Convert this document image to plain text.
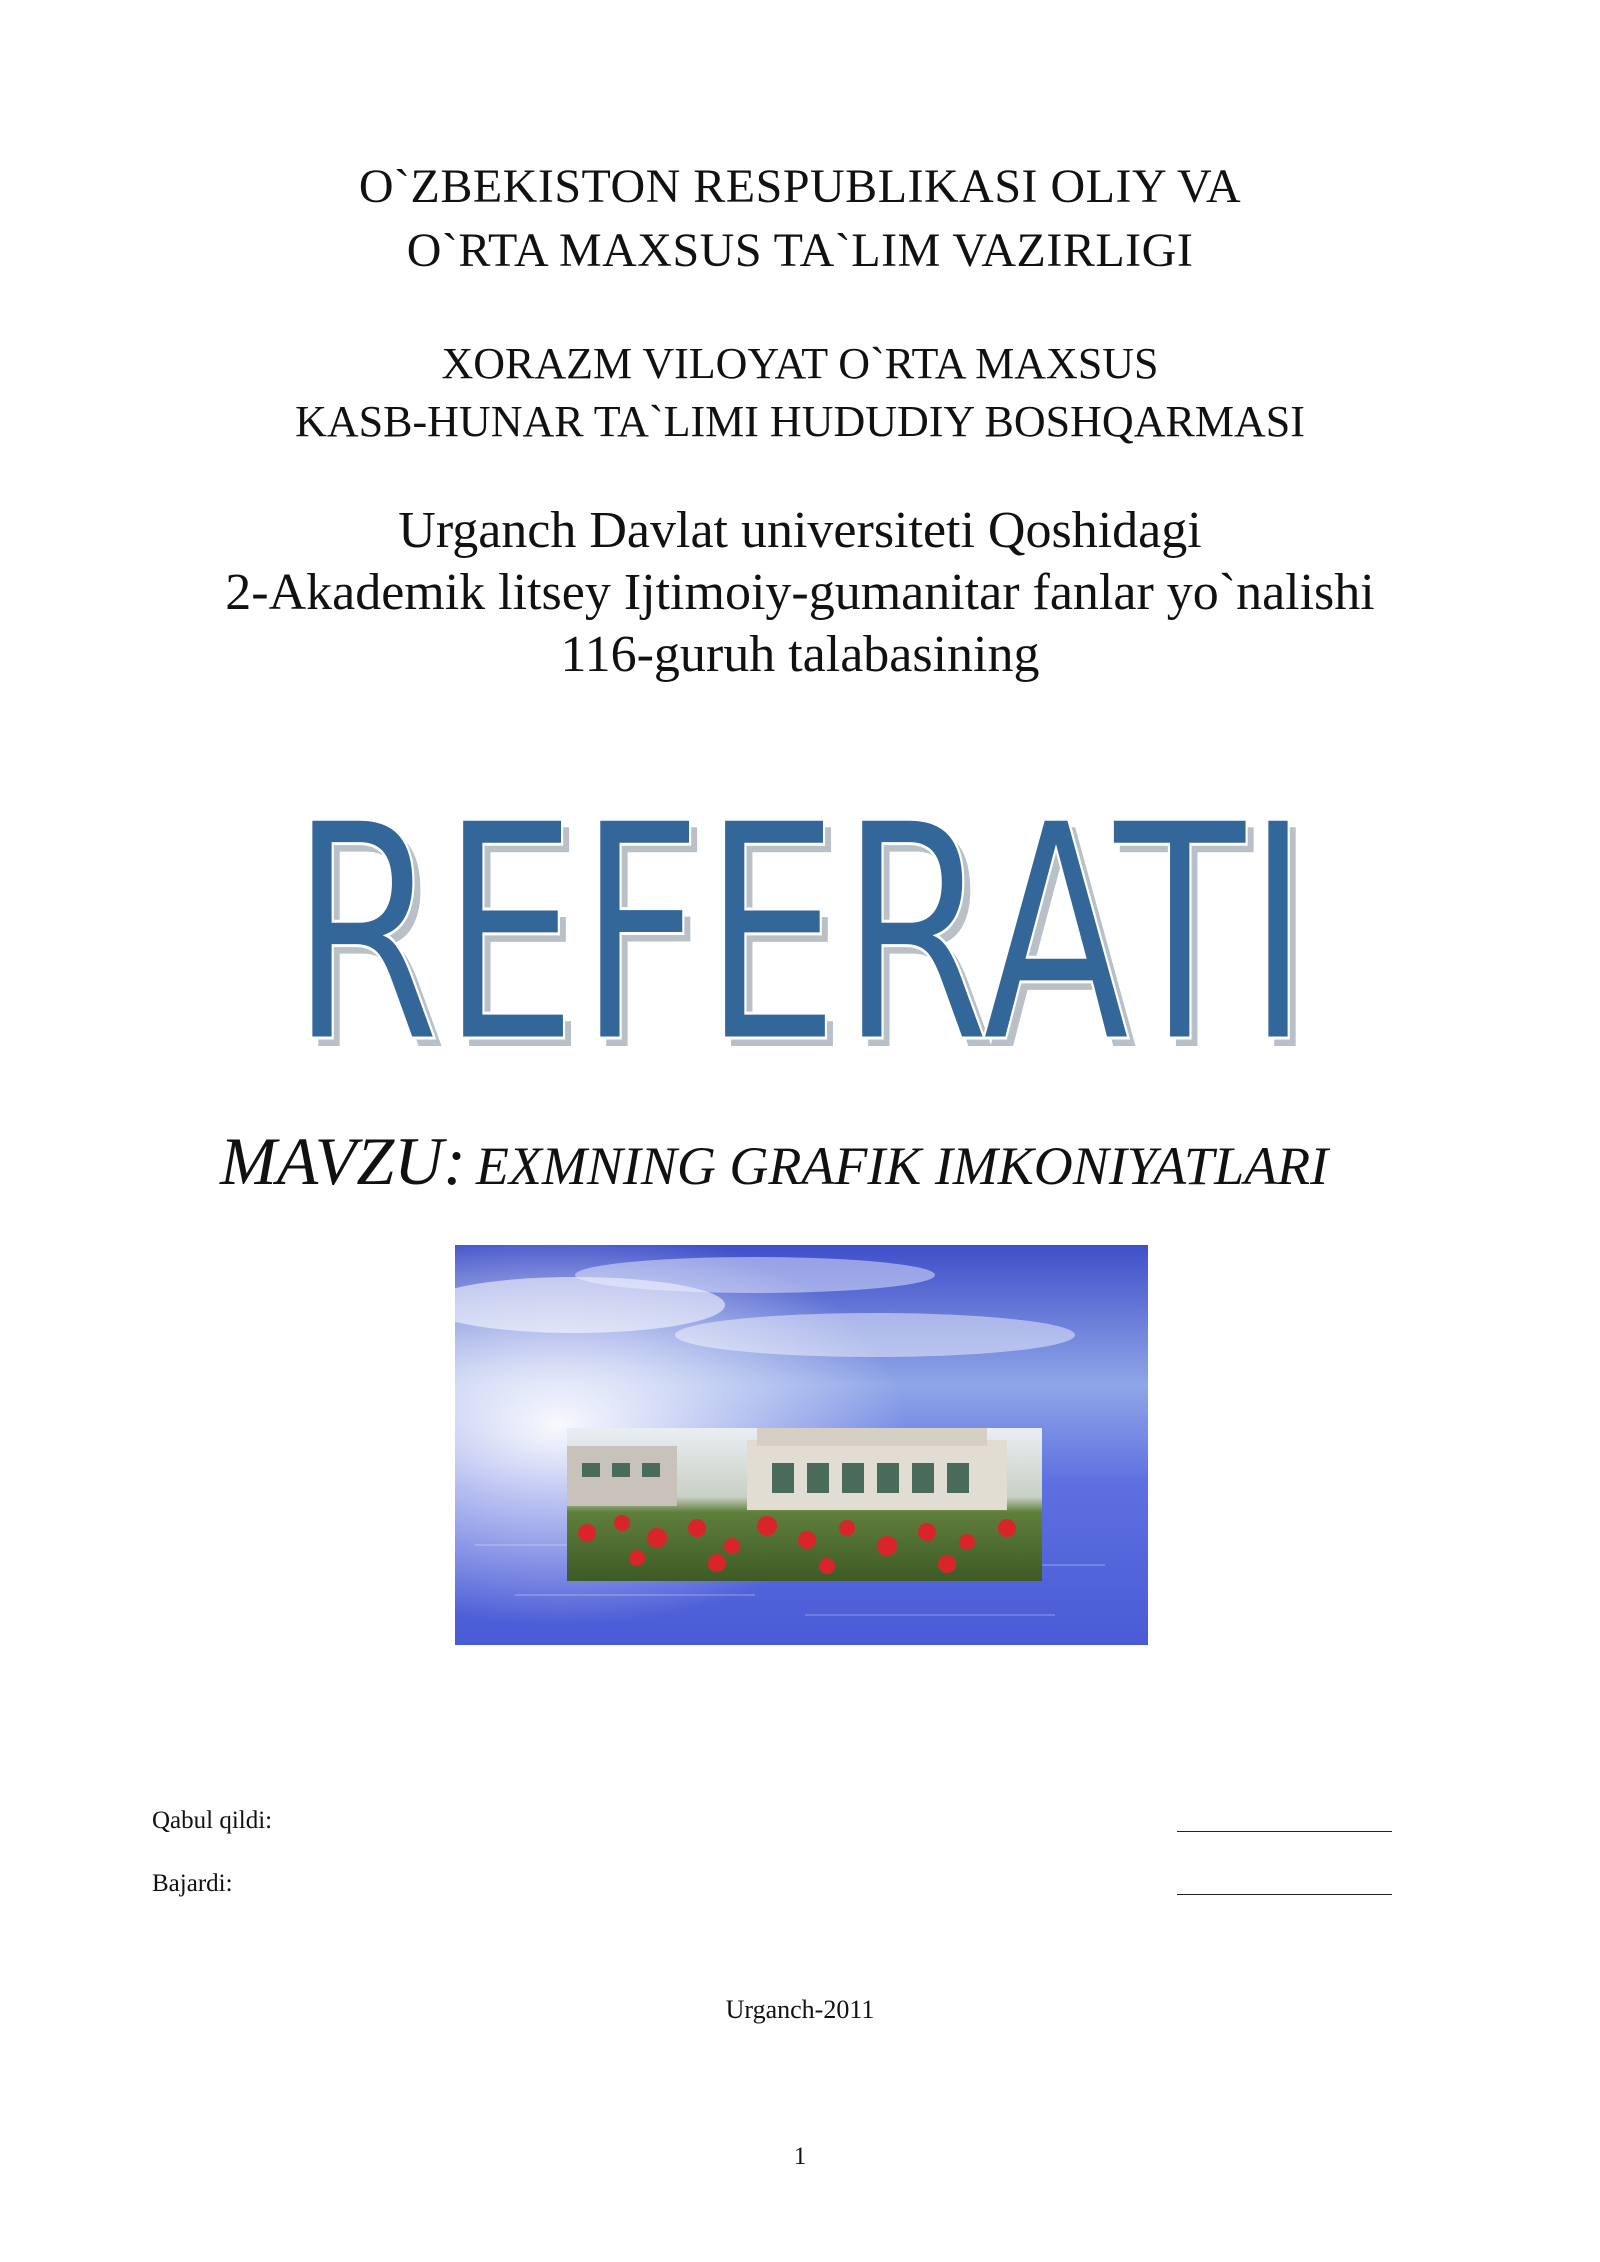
O`ZBEKISTON RESPUBLIKASI OLIY VA
O`RTA MAXSUS TA`LIM VAZIRLIGI
XORAZM VILOYAT O`RTA MAXSUS
KASB-HUNAR TA`LIMI HUDUDIY BOSHQARMASI
Urganch Davlat universiteti Qoshidagi
2-Akademik litsey Ijtimoiy-gumanitar fanlar yo`nalishi
116-guruh talabasining
REFERATI
REFERATI
MAVZU: EXMNING GRAFIK IMKONIYATLARI
Qabul qildi:
Bajardi:
Urganch-2011
1
